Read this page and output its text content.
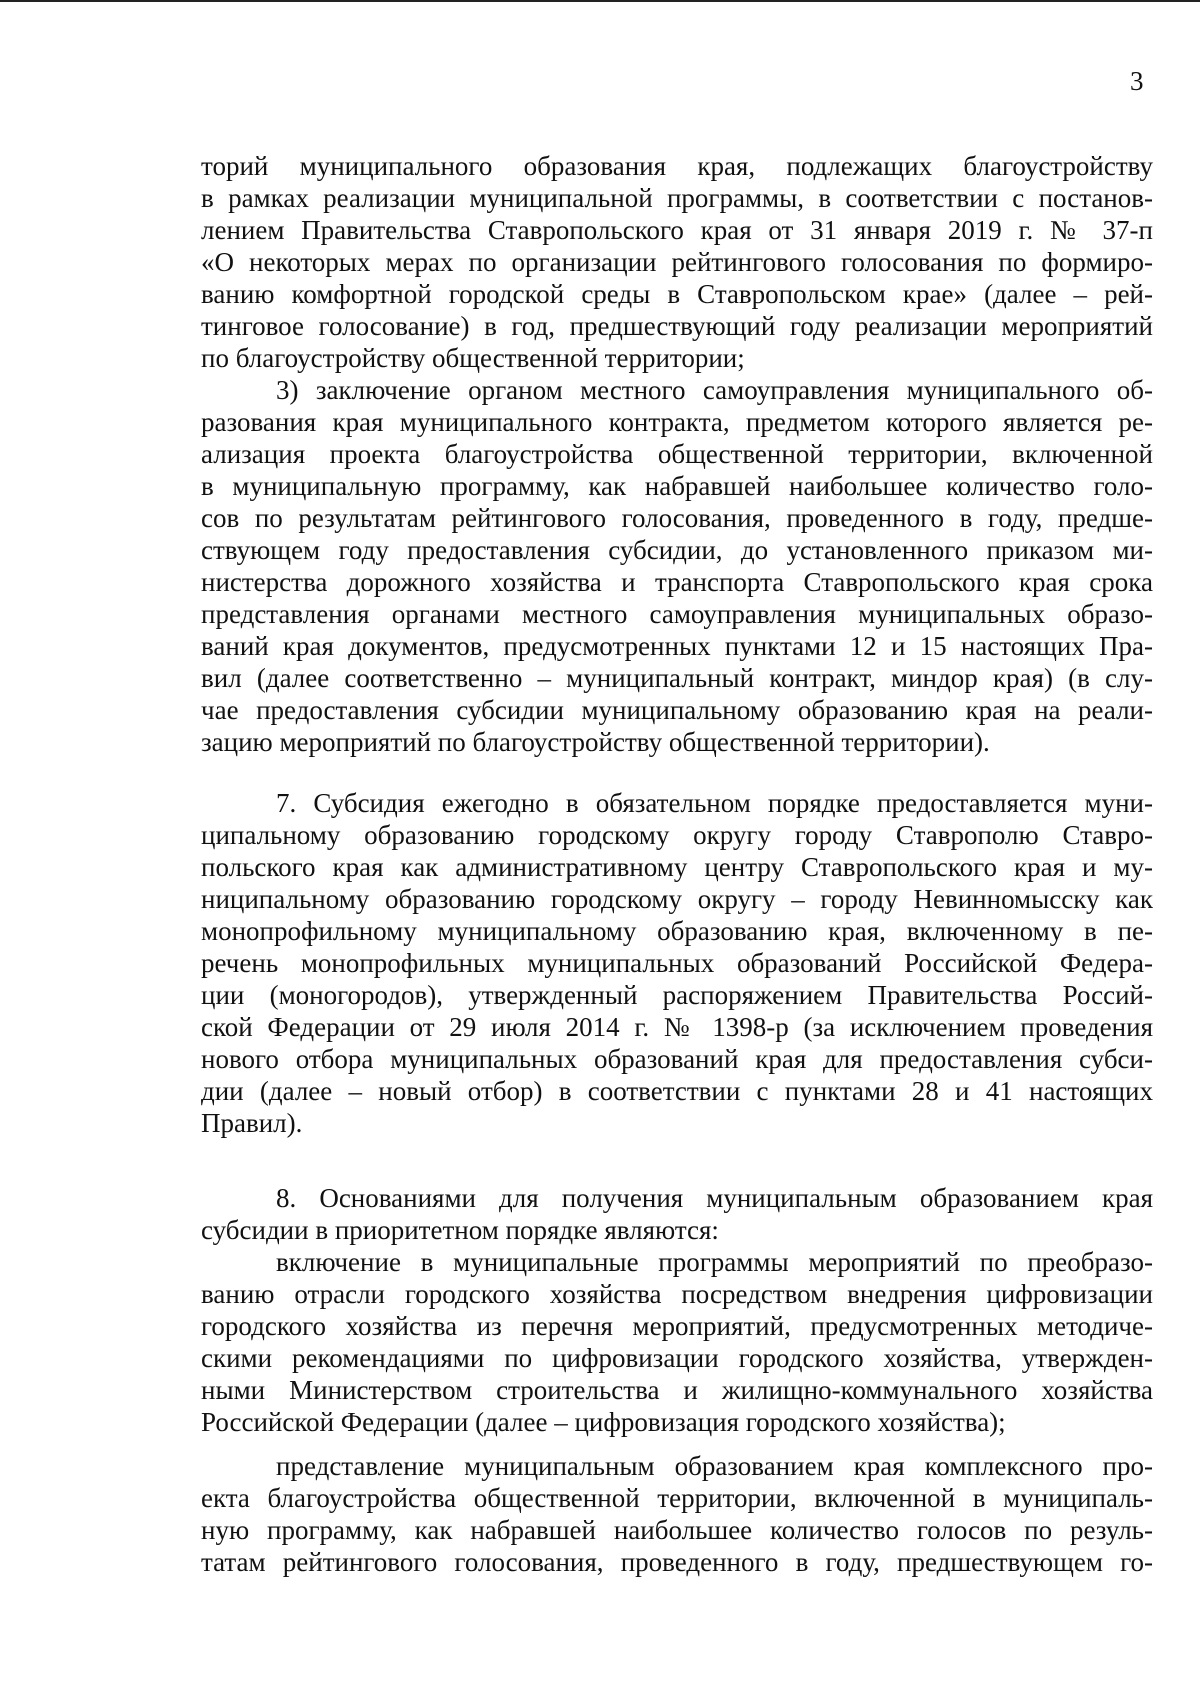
3
торий муниципального образования края, подлежащих благоустройству
в рамках реализации муниципальной программы, в соответствии с постанов-
лением Правительства Ставропольского края от 31 января 2019 г. № 37-п
«О некоторых мерах по организации рейтингового голосования по формиро-
ванию комфортной городской среды в Ставропольском крае» (далее – рей-
тинговое голосование) в год, предшествующий году реализации мероприятий
по благоустройству общественной территории;
3) заключение органом местного самоуправления муниципального об-
разования края муниципального контракта, предметом которого является ре-
ализация проекта благоустройства общественной территории, включенной
в муниципальную программу, как набравшей наибольшее количество голо-
сов по результатам рейтингового голосования, проведенного в году, предше-
ствующем году предоставления субсидии, до установленного приказом ми-
нистерства дорожного хозяйства и транспорта Ставропольского края срока
представления органами местного самоуправления муниципальных образо-
ваний края документов, предусмотренных пунктами 12 и 15 настоящих Пра-
вил (далее соответственно – муниципальный контракт, миндор края) (в слу-
чае предоставления субсидии муниципальному образованию края на реали-
зацию мероприятий по благоустройству общественной территории).
7. Субсидия ежегодно в обязательном порядке предоставляется муни-
ципальному образованию городскому округу городу Ставрополю Ставро-
польского края как административному центру Ставропольского края и му-
ниципальному образованию городскому округу – городу Невинномысску как
монопрофильному муниципальному образованию края, включенному в пе-
речень монопрофильных муниципальных образований Российской Федера-
ции (моногородов), утвержденный распоряжением Правительства Россий-
ской Федерации от 29 июля 2014 г. № 1398-р (за исключением проведения
нового отбора муниципальных образований края для предоставления субси-
дии (далее – новый отбор) в соответствии с пунктами 28 и 41 настоящих
Правил).
8. Основаниями для получения муниципальным образованием края
субсидии в приоритетном порядке являются:
включение в муниципальные программы мероприятий по преобразо-
ванию отрасли городского хозяйства посредством внедрения цифровизации
городского хозяйства из перечня мероприятий, предусмотренных методиче-
скими рекомендациями по цифровизации городского хозяйства, утвержден-
ными Министерством строительства и жилищно-коммунального хозяйства
Российской Федерации (далее – цифровизация городского хозяйства);
представление муниципальным образованием края комплексного про-
екта благоустройства общественной территории, включенной в муниципаль-
ную программу, как набравшей наибольшее количество голосов по резуль-
татам рейтингового голосования, проведенного в году, предшествующем го-
